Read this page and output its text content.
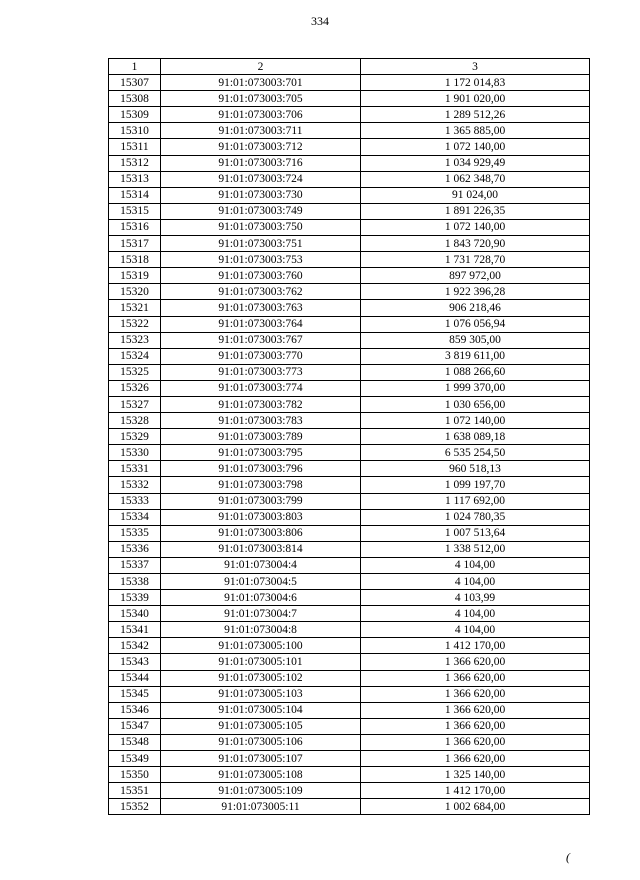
334
1	2	3
15307	91:01:073003:701	1 172 014,83
15308	91:01:073003:705	1 901 020,00
15309	91:01:073003:706	1 289 512,26
15310	91:01:073003:711	1 365 885,00
15311	91:01:073003:712	1 072 140,00
15312	91:01:073003:716	1 034 929,49
15313	91:01:073003:724	1 062 348,70
15314	91:01:073003:730	91 024,00
15315	91:01:073003:749	1 891 226,35
15316	91:01:073003:750	1 072 140,00
15317	91:01:073003:751	1 843 720,90
15318	91:01:073003:753	1 731 728,70
15319	91:01:073003:760	897 972,00
15320	91:01:073003:762	1 922 396,28
15321	91:01:073003:763	906 218,46
15322	91:01:073003:764	1 076 056,94
15323	91:01:073003:767	859 305,00
15324	91:01:073003:770	3 819 611,00
15325	91:01:073003:773	1 088 266,60
15326	91:01:073003:774	1 999 370,00
15327	91:01:073003:782	1 030 656,00
15328	91:01:073003:783	1 072 140,00
15329	91:01:073003:789	1 638 089,18
15330	91:01:073003:795	6 535 254,50
15331	91:01:073003:796	960 518,13
15332	91:01:073003:798	1 099 197,70
15333	91:01:073003:799	1 117 692,00
15334	91:01:073003:803	1 024 780,35
15335	91:01:073003:806	1 007 513,64
15336	91:01:073003:814	1 338 512,00
15337	91:01:073004:4	4 104,00
15338	91:01:073004:5	4 104,00
15339	91:01:073004:6	4 103,99
15340	91:01:073004:7	4 104,00
15341	91:01:073004:8	4 104,00
15342	91:01:073005:100	1 412 170,00
15343	91:01:073005:101	1 366 620,00
15344	91:01:073005:102	1 366 620,00
15345	91:01:073005:103	1 366 620,00
15346	91:01:073005:104	1 366 620,00
15347	91:01:073005:105	1 366 620,00
15348	91:01:073005:106	1 366 620,00
15349	91:01:073005:107	1 366 620,00
15350	91:01:073005:108	1 325 140,00
15351	91:01:073005:109	1 412 170,00
15352	91:01:073005:11	1 002 684,00
(
